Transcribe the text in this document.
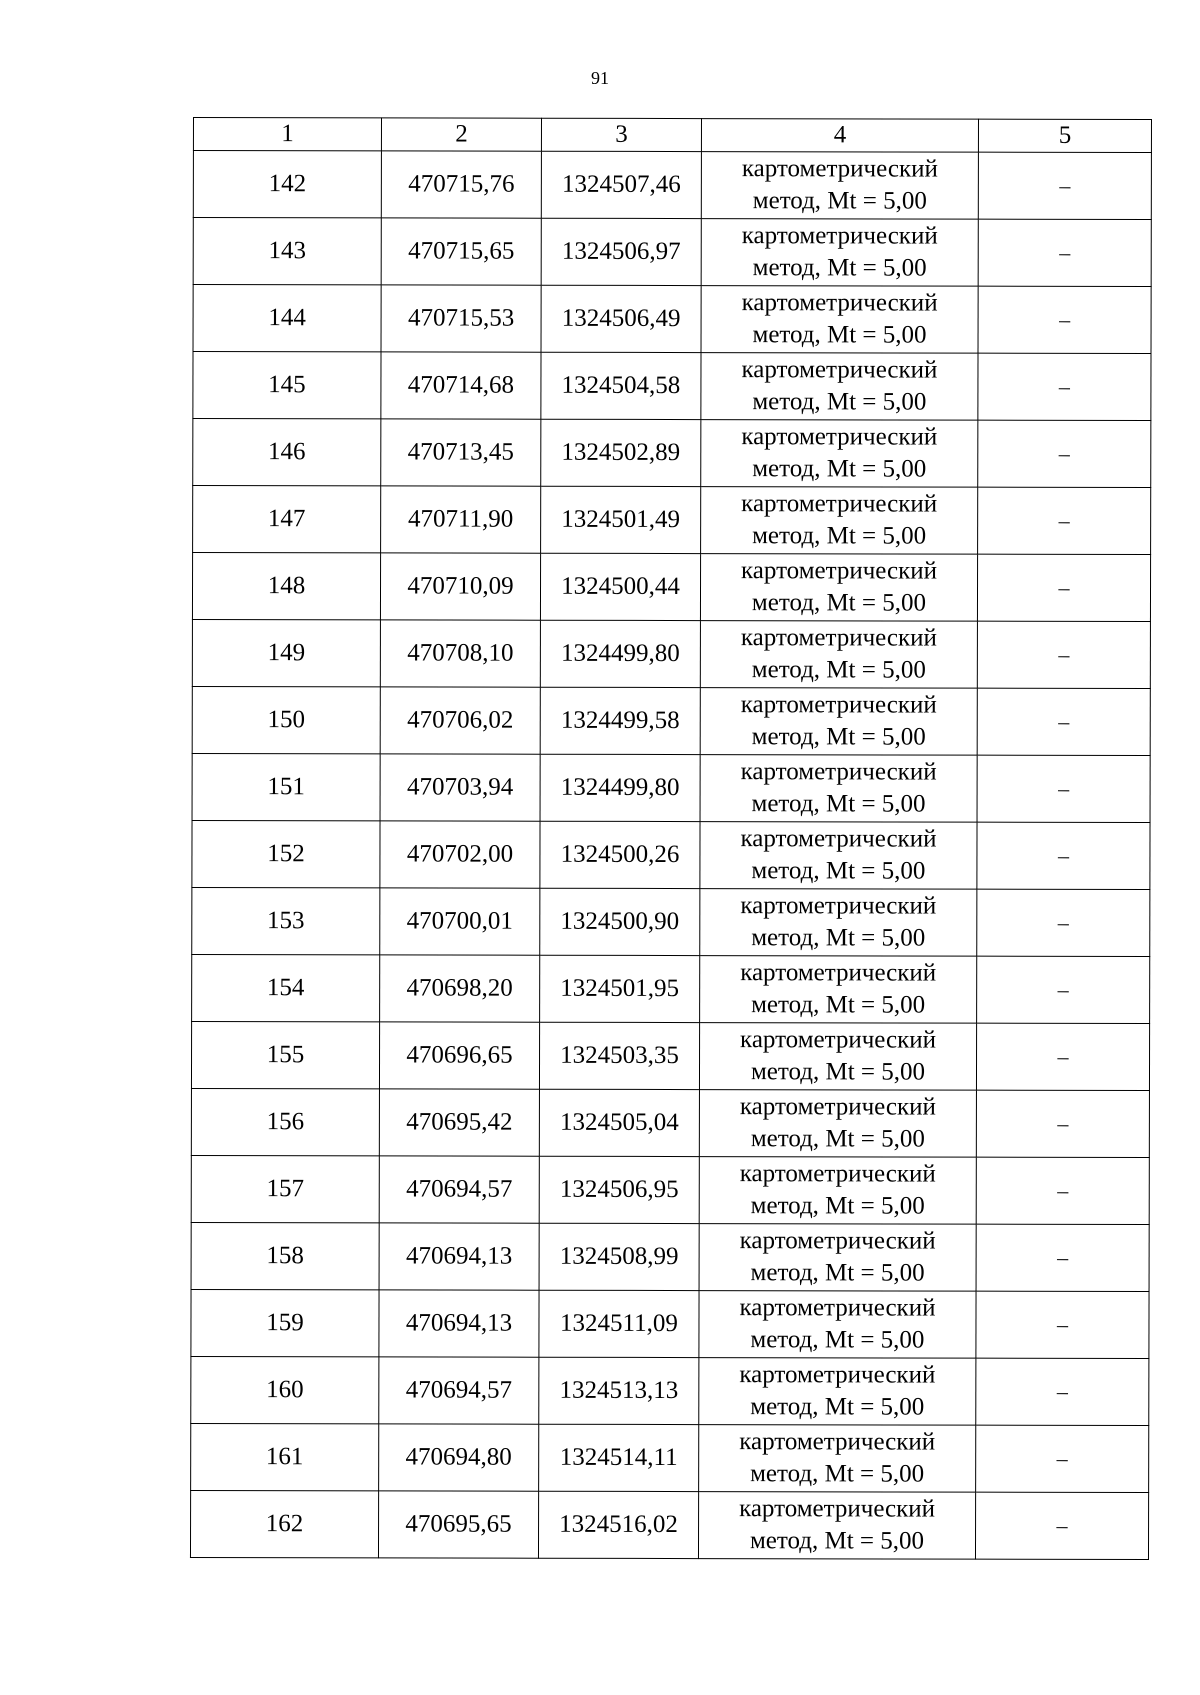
91
1	2	3	4	5
142	470715,76	1324507,46	картометрический
метод, Mt = 5,00	–
143	470715,65	1324506,97	картометрический
метод, Mt = 5,00	–
144	470715,53	1324506,49	картометрический
метод, Mt = 5,00	–
145	470714,68	1324504,58	картометрический
метод, Mt = 5,00	–
146	470713,45	1324502,89	картометрический
метод, Mt = 5,00	–
147	470711,90	1324501,49	картометрический
метод, Mt = 5,00	–
148	470710,09	1324500,44	картометрический
метод, Mt = 5,00	–
149	470708,10	1324499,80	картометрический
метод, Mt = 5,00	–
150	470706,02	1324499,58	картометрический
метод, Mt = 5,00	–
151	470703,94	1324499,80	картометрический
метод, Mt = 5,00	–
152	470702,00	1324500,26	картометрический
метод, Mt = 5,00	–
153	470700,01	1324500,90	картометрический
метод, Mt = 5,00	–
154	470698,20	1324501,95	картометрический
метод, Mt = 5,00	–
155	470696,65	1324503,35	картометрический
метод, Mt = 5,00	–
156	470695,42	1324505,04	картометрический
метод, Mt = 5,00	–
157	470694,57	1324506,95	картометрический
метод, Mt = 5,00	–
158	470694,13	1324508,99	картометрический
метод, Mt = 5,00	–
159	470694,13	1324511,09	картометрический
метод, Mt = 5,00	–
160	470694,57	1324513,13	картометрический
метод, Mt = 5,00	–
161	470694,80	1324514,11	картометрический
метод, Mt = 5,00	–
162	470695,65	1324516,02	картометрический
метод, Mt = 5,00	–
